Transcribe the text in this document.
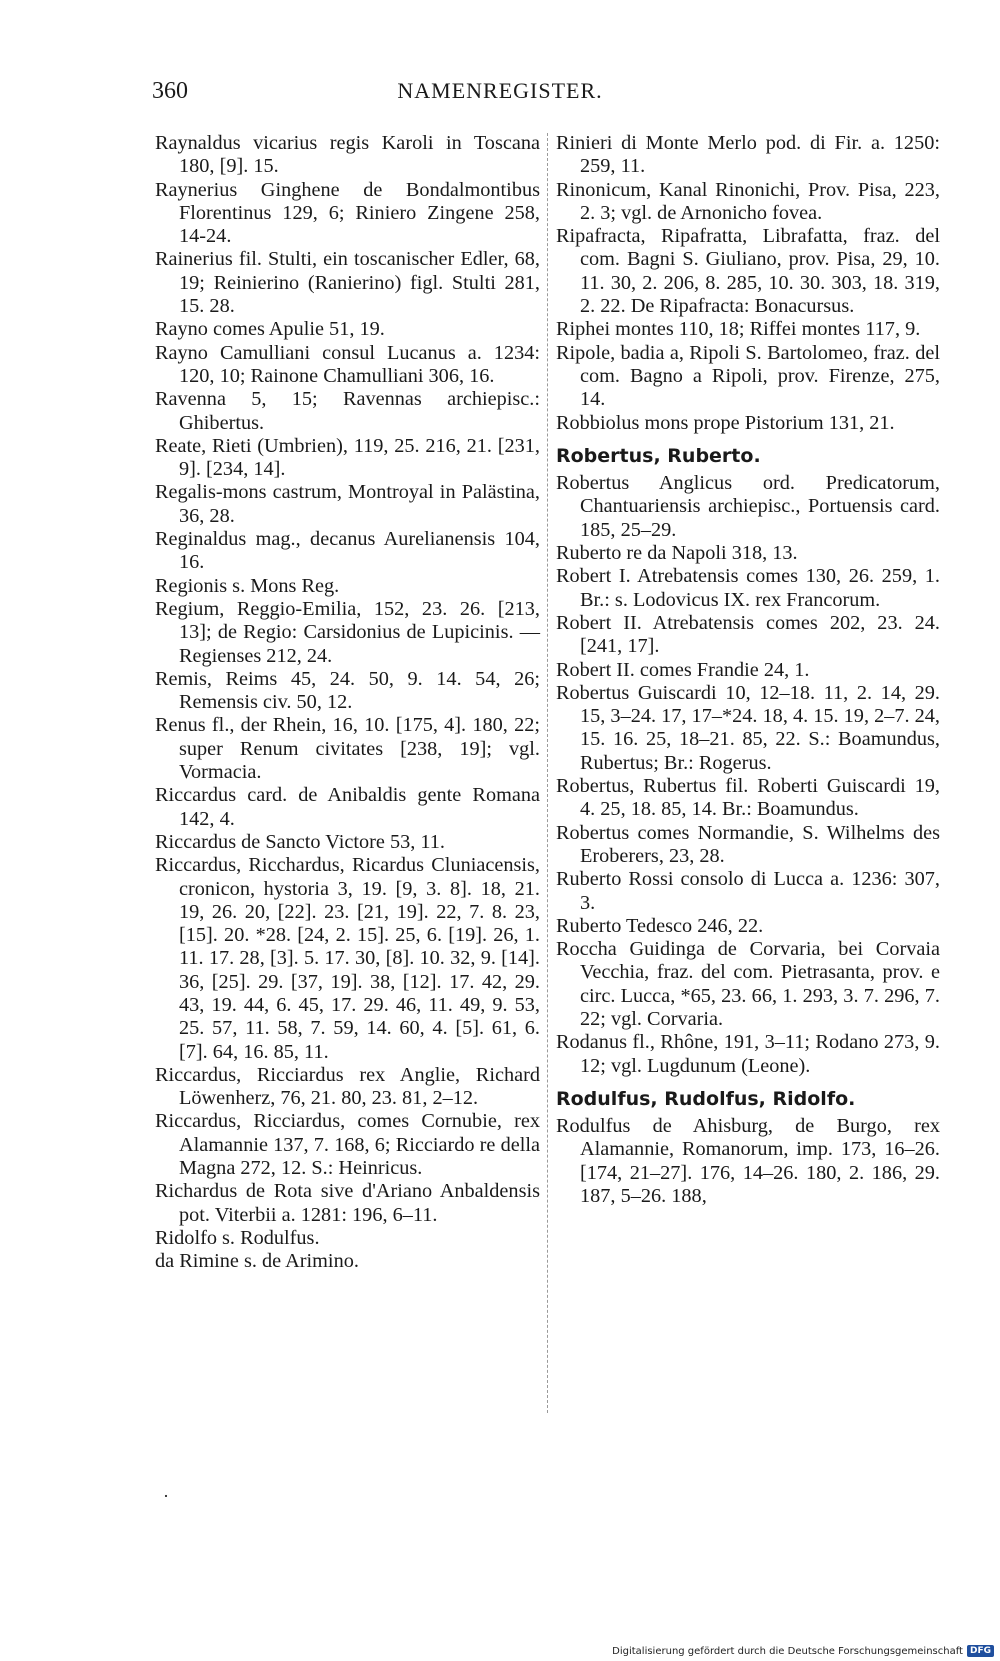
360	NAMENREGISTER.
Raynaldus vicarius regis Karoli in Toscana 180, [9]. 15.
Raynerius Ginghene de Bondalmontibus Florentinus 129, 6; Riniero Zingene 258, 14-24.
Rainerius fil. Stulti, ein toscanischer Edler, 68, 19; Reinierino (Ranierino) figl. Stulti 281, 15. 28.
Rayno comes Apulie 51, 19.
Rayno Camulliani consul Lucanus a. 1234: 120, 10; Rainone Chamulliani 306, 16.
Ravenna 5, 15; Ravennas archiepisc.: Ghibertus.
Reate, Rieti (Umbrien), 119, 25. 216, 21. [231, 9]. [234, 14].
Regalis-mons castrum, Montroyal in Palästina, 36, 28.
Reginaldus mag., decanus Aurelianensis 104, 16.
Regionis s. Mons Reg.
Regium, Reggio-Emilia, 152, 23. 26. [213, 13]; de Regio: Carsidonius de Lupicinis. — Regienses 212, 24.
Remis, Reims 45, 24. 50, 9. 14. 54, 26; Remensis civ. 50, 12.
Renus fl., der Rhein, 16, 10. [175, 4]. 180, 22; super Renum civitates [238, 19]; vgl. Vormacia.
Riccardus card. de Anibaldis gente Romana 142, 4.
Riccardus de Sancto Victore 53, 11.
Riccardus, Ricchardus, Ricardus Cluniacensis, cronicon, hystoria 3, 19. [9, 3. 8]. 18, 21. 19, 26. 20, [22]. 23. [21, 19]. 22, 7. 8. 23, [15]. 20. *28. [24, 2. 15]. 25, 6. [19]. 26, 1. 11. 17. 28, [3]. 5. 17. 30, [8]. 10. 32, 9. [14]. 36, [25]. 29. [37, 19]. 38, [12]. 17. 42, 29. 43, 19. 44, 6. 45, 17. 29. 46, 11. 49, 9. 53, 25. 57, 11. 58, 7. 59, 14. 60, 4. [5]. 61, 6. [7]. 64, 16. 85, 11.
Riccardus, Ricciardus rex Anglie, Richard Löwenherz, 76, 21. 80, 23. 81, 2–12.
Riccardus, Ricciardus, comes Cornubie, rex Alamannie 137, 7. 168, 6; Ricciardo re della Magna 272, 12. S.: Heinricus.
Richardus de Rota sive d'Ariano Anbaldensis pot. Viterbii a. 1281: 196, 6–11.
Ridolfo s. Rodulfus.
da Rimine s. de Arimino.
Rinieri di Monte Merlo pod. di Fir. a. 1250: 259, 11.
Rinonicum, Kanal Rinonichi, Prov. Pisa, 223, 2. 3; vgl. de Arnonicho fovea.
Ripafracta, Ripafratta, Librafatta, fraz. del com. Bagni S. Giuliano, prov. Pisa, 29, 10. 11. 30, 2. 206, 8. 285, 10. 30. 303, 18. 319, 2. 22. De Ripafracta: Bonacursus.
Riphei montes 110, 18; Riffei montes 117, 9.
Ripole, badia a, Ripoli S. Bartolomeo, fraz. del com. Bagno a Ripoli, prov. Firenze, 275, 14.
Robbiolus mons prope Pistorium 131, 21.
Robertus, Ruberto.
Robertus Anglicus ord. Predicatorum, Chantuariensis archiepisc., Portuensis card. 185, 25–29.
Ruberto re da Napoli 318, 13.
Robert I. Atrebatensis comes 130, 26. 259, 1. Br.: s. Lodovicus IX. rex Francorum.
Robert II. Atrebatensis comes 202, 23. 24. [241, 17].
Robert II. comes Frandie 24, 1.
Robertus Guiscardi 10, 12–18. 11, 2. 14, 29. 15, 3–24. 17, 17–*24. 18, 4. 15. 19, 2–7. 24, 15. 16. 25, 18–21. 85, 22. S.: Boamundus, Rubertus; Br.: Rogerus.
Robertus, Rubertus fil. Roberti Guiscardi 19, 4. 25, 18. 85, 14. Br.: Boamundus.
Robertus comes Normandie, S. Wilhelms des Eroberers, 23, 28.
Ruberto Rossi consolo di Lucca a. 1236: 307, 3.
Ruberto Tedesco 246, 22.
Roccha Guidinga de Corvaria, bei Corvaia Vecchia, fraz. del com. Pietrasanta, prov. e circ. Lucca, *65, 23. 66, 1. 293, 3. 7. 296, 7. 22; vgl. Corvaria.
Rodanus fl., Rhône, 191, 3–11; Rodano 273, 9. 12; vgl. Lugdunum (Leone).
Rodulfus, Rudolfus, Ridolfo.
Rodulfus de Ahisburg, de Burgo, rex Alamannie, Romanorum, imp. 173, 16–26. [174, 21–27]. 176, 14–26. 180, 2. 186, 29. 187, 5–26. 188,
·
Digitalisierung gefördert durch die Deutsche Forschungsgemeinschaft DFG
